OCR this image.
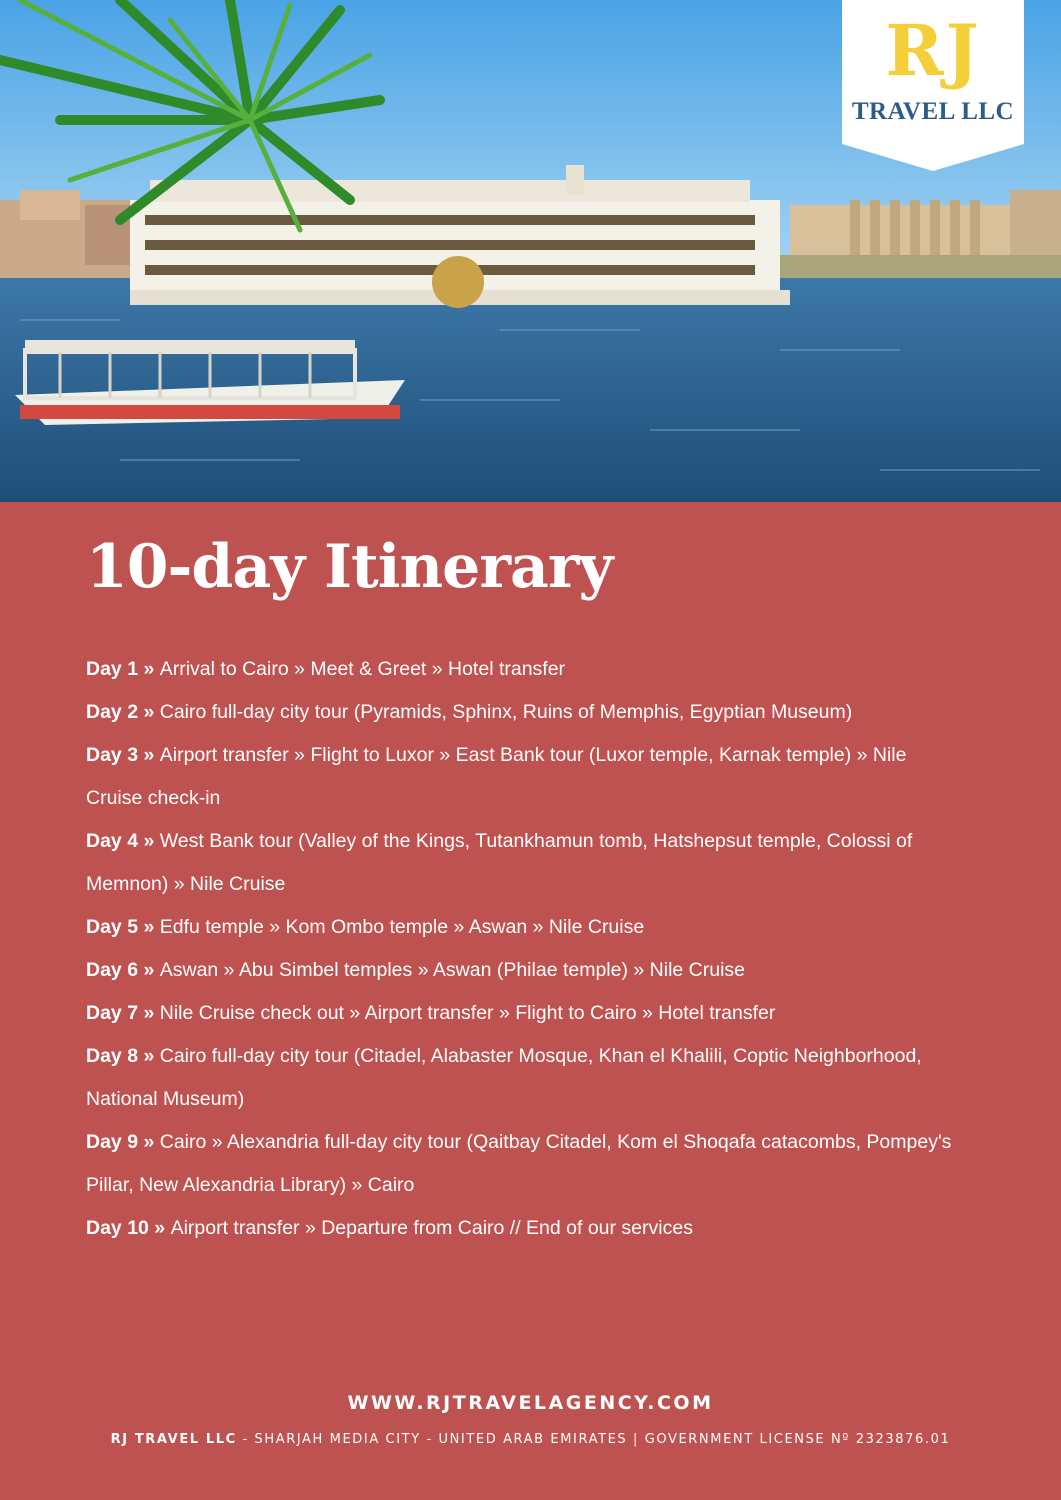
RJ
TRAVEL LLC
10-day Itinerary
Day 1 » Arrival to Cairo » Meet & Greet » Hotel transfer
Day 2 » Cairo full-day city tour (Pyramids, Sphinx, Ruins of Memphis, Egyptian Museum)
Day 3 » Airport transfer » Flight to Luxor » East Bank tour (Luxor temple, Karnak temple) » Nile Cruise check-in
Day 4 » West Bank tour (Valley of the Kings, Tutankhamun tomb, Hatshepsut temple, Colossi of Memnon) » Nile Cruise
Day 5 » Edfu temple » Kom Ombo temple » Aswan » Nile Cruise
Day 6 » Aswan » Abu Simbel temples » Aswan (Philae temple) » Nile Cruise
Day 7 » Nile Cruise check out » Airport transfer » Flight to Cairo » Hotel transfer
Day 8 » Cairo full-day city tour (Citadel, Alabaster Mosque, Khan el Khalili, Coptic Neighborhood, National Museum)
Day 9 » Cairo » Alexandria full-day city tour (Qaitbay Citadel, Kom el Shoqafa catacombs, Pompey's Pillar, New Alexandria Library) » Cairo
Day 10 » Airport transfer » Departure from Cairo // End of our services
WWW.RJTRAVELAGENCY.COM
RJ TRAVEL LLC - SHARJAH MEDIA CITY - UNITED ARAB EMIRATES | GOVERNMENT LICENSE Nº 2323876.01
